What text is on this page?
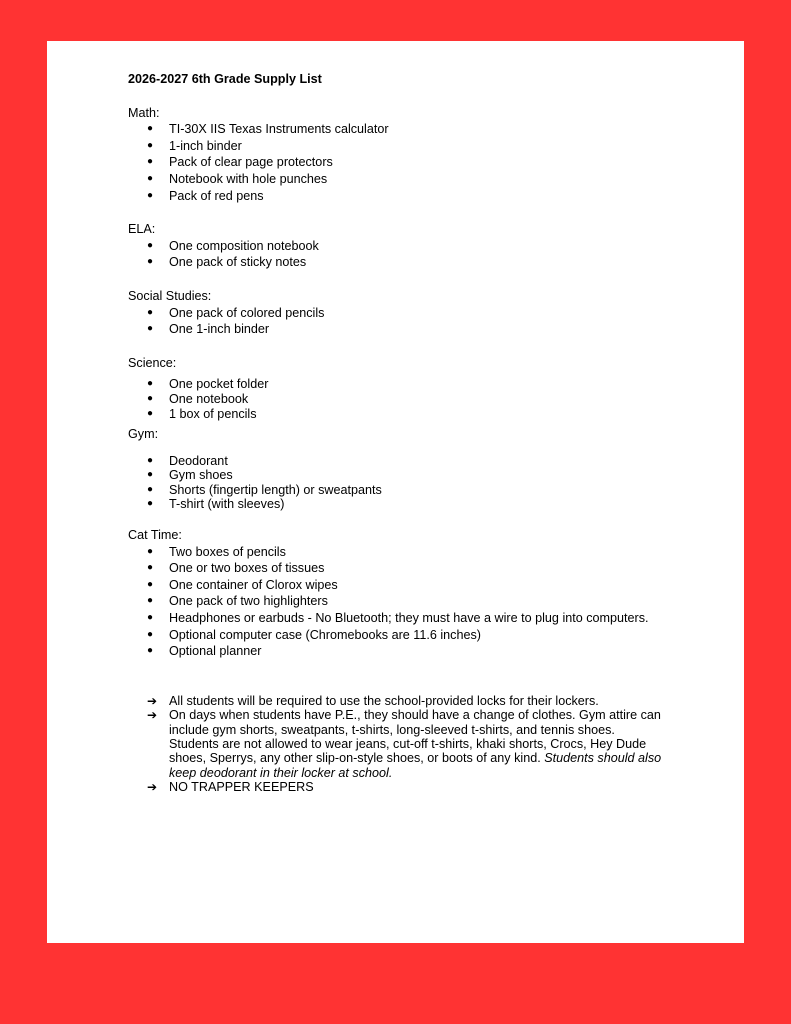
2026-2027 6th Grade Supply List
Math:
● TI-30X IIS Texas Instruments calculator
● 1-inch binder
● Pack of clear page protectors
● Notebook with hole punches
● Pack of red pens
ELA:
● One composition notebook
● One pack of sticky notes
Social Studies:
● One pack of colored pencils
● One 1-inch binder
Science:
● One pocket folder
● One notebook
● 1 box of pencils
Gym:
● Deodorant
● Gym shoes
● Shorts (fingertip length) or sweatpants
● T-shirt (with sleeves)
Cat Time:
● Two boxes of pencils
● One or two boxes of tissues
● One container of Clorox wipes
● One pack of two highlighters
● Headphones or earbuds - No Bluetooth; they must have a wire to plug into computers.
● Optional computer case (Chromebooks are 11.6 inches)
● Optional planner
➔ All students will be required to use the school-provided locks for their lockers.
➔ On days when students have P.E., they should have a change of clothes. Gym attire can include gym shorts, sweatpants, t-shirts, long-sleeved t-shirts, and tennis shoes. Students are not allowed to wear jeans, cut-off t-shirts, khaki shorts, Crocs, Hey Dude shoes, Sperrys, any other slip-on-style shoes, or boots of any kind. Students should also keep deodorant in their locker at school.
➔ NO TRAPPER KEEPERS
